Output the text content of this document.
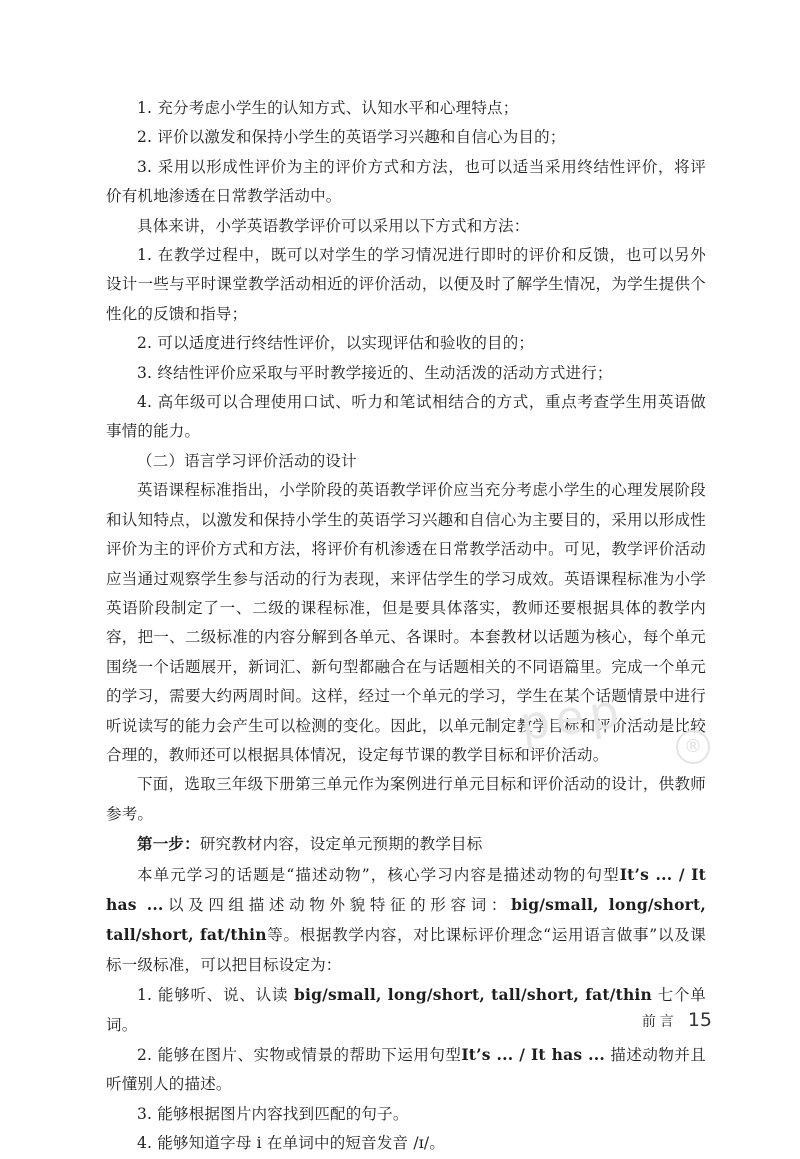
1. 充分考虑小学生的认知方式、认知水平和心理特点；

2. 评价以激发和保持小学生的英语学习兴趣和自信心为目的；

3. 采用以形成性评价为主的评价方式和方法，也可以适当采用终结性评价，将评价有机地渗透在日常教学活动中。

具体来讲，小学英语教学评价可以采用以下方式和方法：

1. 在教学过程中，既可以对学生的学习情况进行即时的评价和反馈，也可以另外设计一些与平时课堂教学活动相近的评价活动，以便及时了解学生情况，为学生提供个性化的反馈和指导；

2. 可以适度进行终结性评价，以实现评估和验收的目的；

3. 终结性评价应采取与平时教学接近的、生动活泼的活动方式进行；

4. 高年级可以合理使用口试、听力和笔试相结合的方式，重点考查学生用英语做事情的能力。

（二）语言学习评价活动的设计

英语课程标准指出，小学阶段的英语教学评价应当充分考虑小学生的心理发展阶段和认知特点，以激发和保持小学生的英语学习兴趣和自信心为主要目的，采用以形成性评价为主的评价方式和方法，将评价有机渗透在日常教学活动中。可见，教学评价活动应当通过观察学生参与活动的行为表现，来评估学生的学习成效。英语课程标准为小学英语阶段制定了一、二级的课程标准，但是要具体落实，教师还要根据具体的教学内容，把一、二级标准的内容分解到各单元、各课时。本套教材以话题为核心，每个单元围绕一个话题展开，新词汇、新句型都融合在与话题相关的不同语篇里。完成一个单元的学习，需要大约两周时间。这样，经过一个单元的学习，学生在某个话题情景中进行听说读写的能力会产生可以检测的变化。因此，以单元制定教学目标和评价活动是比较合理的，教师还可以根据具体情况，设定每节课的教学目标和评价活动。

下面，选取三年级下册第三单元作为案例进行单元目标和评价活动的设计，供教师参考。

第一步：研究教材内容，设定单元预期的教学目标

本单元学习的话题是“描述动物”，核心学习内容是描述动物的句型It’s ... / It has ...以及四组描述动物外貌特征的形容词：big/small, long/short, tall/short, fat/thin等。根据教学内容，对比课标评价理念“运用语言做事”以及课标一级标准，可以把目标设定为：

1. 能够听、说、认读 big/small, long/short, tall/short, fat/thin 七个单词。

2. 能够在图片、实物或情景的帮助下运用句型It’s ... / It has ... 描述动物并且听懂别人的描述。

3. 能够根据图片内容找到匹配的句子。

4. 能够知道字母 i 在单词中的短音发音 /ɪ/。

pep	®
前言 15
